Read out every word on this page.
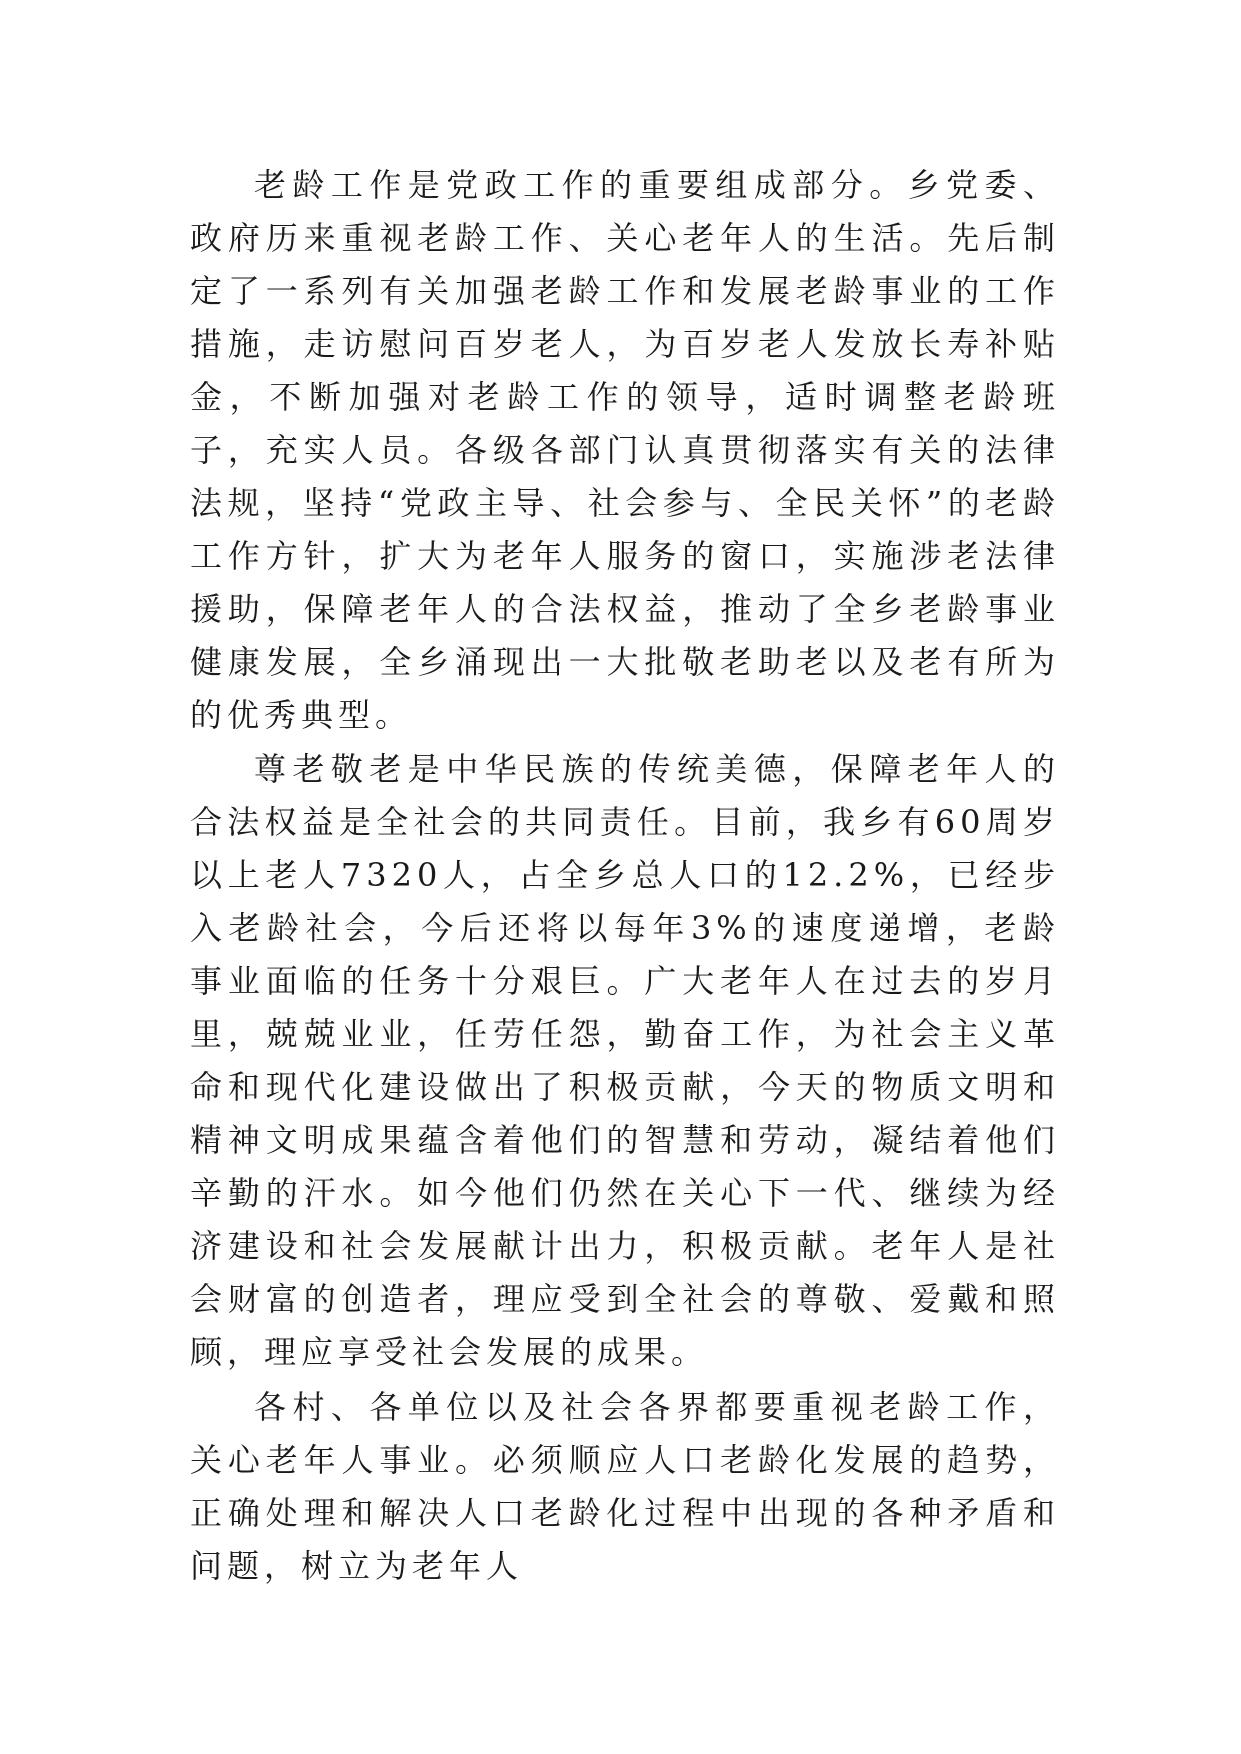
老龄工作是党政工作的重要组成部分。乡党委、政府历来重视老龄工作、关心老年人的生活。先后制定了一系列有关加强老龄工作和发展老龄事业的工作措施，走访慰问百岁老人，为百岁老人发放长寿补贴金，不断加强对老龄工作的领导，适时调整老龄班子，充实人员。各级各部门认真贯彻落实有关的法律法规，坚持“党政主导、社会参与、全民关怀”的老龄工作方针，扩大为老年人服务的窗口，实施涉老法律援助，保障老年人的合法权益，推动了全乡老龄事业健康发展，全乡涌现出一大批敬老助老以及老有所为的优秀典型。

尊老敬老是中华民族的传统美德，保障老年人的合法权益是全社会的共同责任。目前，我乡有60周岁以上老人7320人，占全乡总人口的12.2%，已经步入老龄社会，今后还将以每年3%的速度递增，老龄事业面临的任务十分艰巨。广大老年人在过去的岁月里，兢兢业业，任劳任怨，勤奋工作，为社会主义革命和现代化建设做出了积极贡献，今天的物质文明和精神文明成果蕴含着他们的智慧和劳动，凝结着他们辛勤的汗水。如今他们仍然在关心下一代、继续为经济建设和社会发展献计出力，积极贡献。老年人是社会财富的创造者，理应受到全社会的尊敬、爱戴和照顾，理应享受社会发展的成果。

各村、各单位以及社会各界都要重视老龄工作，关心老年人事业。必须顺应人口老龄化发展的趋势，正确处理和解决人口老龄化过程中出现的各种矛盾和问题，树立为老年人
